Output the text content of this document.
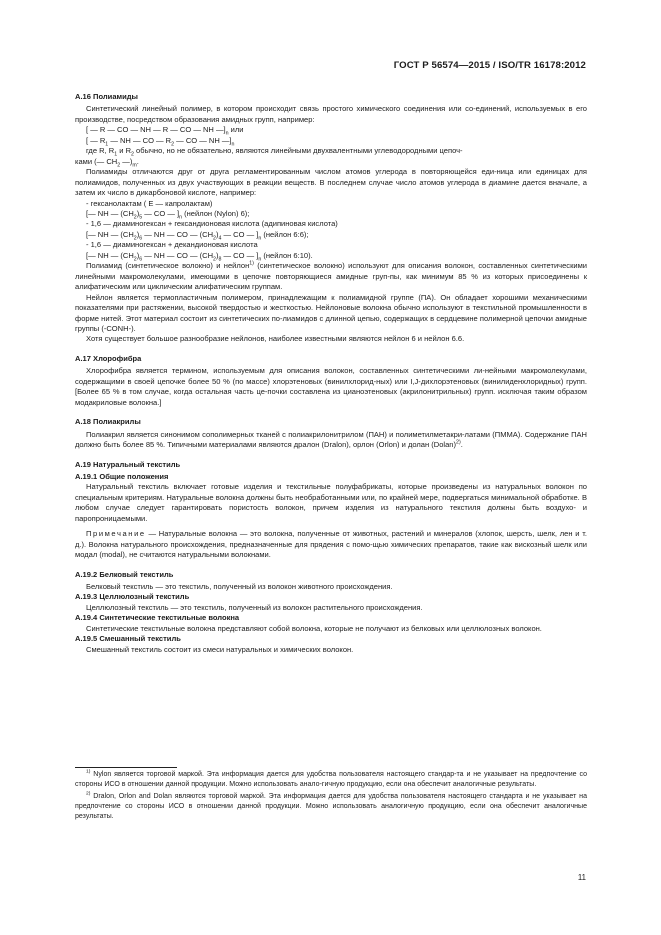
ГОСТ Р 56574—2015 / ISO/TR 16178:2012
А.16 Полиамиды
Синтетический линейный полимер, в котором происходит связь простого химического соединения или со-единений, используемых в его производстве, посредством образования амидных групп, например:
[ — R — CO — NH — R — CO — NH $—]_n$ или
[ — $R_1$ — NH — CO — $R_2$ — CO — NH $—]_n$
где R, $R_1$ и $R_2$ обычно, но не обязательно, являются линейными двухвалентными углеводородными цепоч-
ками (— $CH_2$ $—)_m$.
Полиамиды отличаются друг от друга регламентированным числом атомов углерода в повторяющейся еди-ница или единицах для полиамидов, полученных из двух участвующих в реакции веществ. В последнем случае число атомов углерода в диамине дается вначале, а затем их число в дикарбоновой кислоте, например:
- гексанолактам ( E — капролактам)
[— NH — $(CH_2)_5$ — CO — ]$_n$ (нейлон (Nylon) 6);
- 1,6 — диаминогексан + гександионовая кислота (адипиновая кислота)
[— NH — $(CH_2)_6$ — NH — CO — $(CH_2)_4$ — CO — ]$_n$ (нейлон 6:6);
- 1,6 — диаминогексан + декандионовая кислота
[— NH — $(CH_2)_6$ — NH — CO — $(CH_2)_8$ — CO — ]$_n$ (нейлон 6:10).
Полиамид (синтетическое волокно) и нейлон$^{1)}$ (синтетическое волокно) используют для описания волокон, составленных синтетическими линейными макромолекулами, имеющими в цепочке повторяющиеся амидные груп-пы, как минимум 85 % из которых присоединены к алифатическим или циклическим алифатическим группам.
Нейлон является термопластичным полимером, принадлежащим к полиамидной группе (ПА). Он обладает хорошими механическими показателями при растяжении, высокой твердостью и жесткостью. Нейлоновые волокна обычно используют в текстильной промышленности в форме нитей. Этот материал состоит из синтетических по-лиамидов с длинной цепью, содержащих в сердцевине полимерной цепочки амидные группы (-CONH-).
Хотя существует большое разнообразие нейлонов, наиболее известными являются нейлон 6 и нейлон 6.6.
А.17 Хлорофибра
Хлорофибра является термином, используемым для описания волокон, составленных синтетическими ли-нейными макромолекулами, содержащими в своей цепочке более 50 % (по массе) хлорэтеновых (винилхлорид-ных) или I,J-дихлорэтеновых (винилиденхлоридных) групп. [Более 65 % в том случае, когда остальная часть це-почки составлена из цианоэтеновых (акрилонитрильных) групп. исключая таким образом модакриловые волокна.]
А.18 Полиакрилы
Полиакрил является синонимом сополимерных тканей с полиакрилонитрилом (ПАН) и полиметилметакри-латами (ПММА). Содержание ПАН должно быть более 85 %. Типичными материалами являются дралон (Dralon), орлон (Orlon) и долан (Dolan)$^{2)}$.
А.19 Натуральный текстиль
А.19.1 Общие положения
Натуральный текстиль включает готовые изделия и текстильные полуфабрикаты, которые произведены из натуральных волокон по специальным критериям. Натуральные волокна должны быть необработанными или, по крайней мере, подвергаться минимальной обработке. В любом случае следует гарантировать пористость волокон, причем изделия из натурального текстиля должны быть воздухо- и паропроницаемыми.
Примечание — Натуральные волокна — это волокна, полученные от животных, растений и минералов (хлопок, шерсть, шелк, лен и т. д.). Волокна натурального происхождения, предназначенные для прядения с помо-щью химических препаратов, такие как вискозный шелк или модал (modal), не считаются натуральными волокнами.
А.19.2 Белковый текстиль
Белковый текстиль — это текстиль, полученный из волокон животного происхождения.
А.19.3 Целлюлозный текстиль
Целлюлозный текстиль — это текстиль, полученный из волокон растительного происхождения.
А.19.4 Синтетические текстильные волокна
Синтетические текстильные волокна представляют собой волокна, которые не получают из белковых или целлюлозных волокон.
А.19.5 Смешанный текстиль
Смешанный текстиль состоит из смеси натуральных и химических волокон.
$^{1)}$ Nylon является торговой маркой. Эта информация дается для удобства пользователя настоящего стандар-та и не указывает на предпочтение со стороны ИСО в отношении данной продукции. Можно использовать анало-гичную продукцию, если она обеспечит аналогичные результаты.
$^{2)}$ Dralon, Orlon and Dolan являются торговой маркой. Эта информация дается для удобства пользователя настоящего стандарта и не указывает на предпочтение со стороны ИСО в отношении данной продукции. Можно использовать аналогичную продукцию, если она обеспечит аналогичные результаты.
11
